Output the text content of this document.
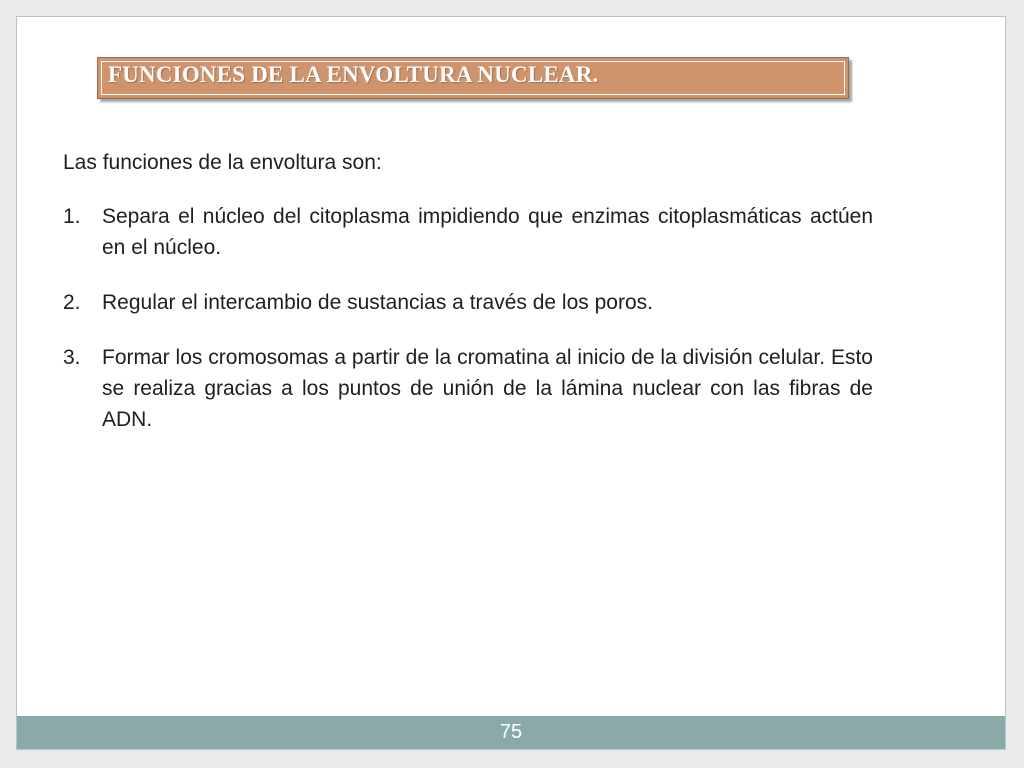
FUNCIONES DE LA ENVOLTURA NUCLEAR.

Las funciones de la envoltura son:

1. Separa el núcleo del citoplasma impidiendo que enzimas citoplasmáticas actúen en el núcleo.
2. Regular el intercambio de sustancias a través de los poros.
3. Formar los cromosomas a partir de la cromatina al inicio de la división celular. Esto se realiza gracias a los puntos de unión de la lámina nuclear con las fibras de ADN.
75
